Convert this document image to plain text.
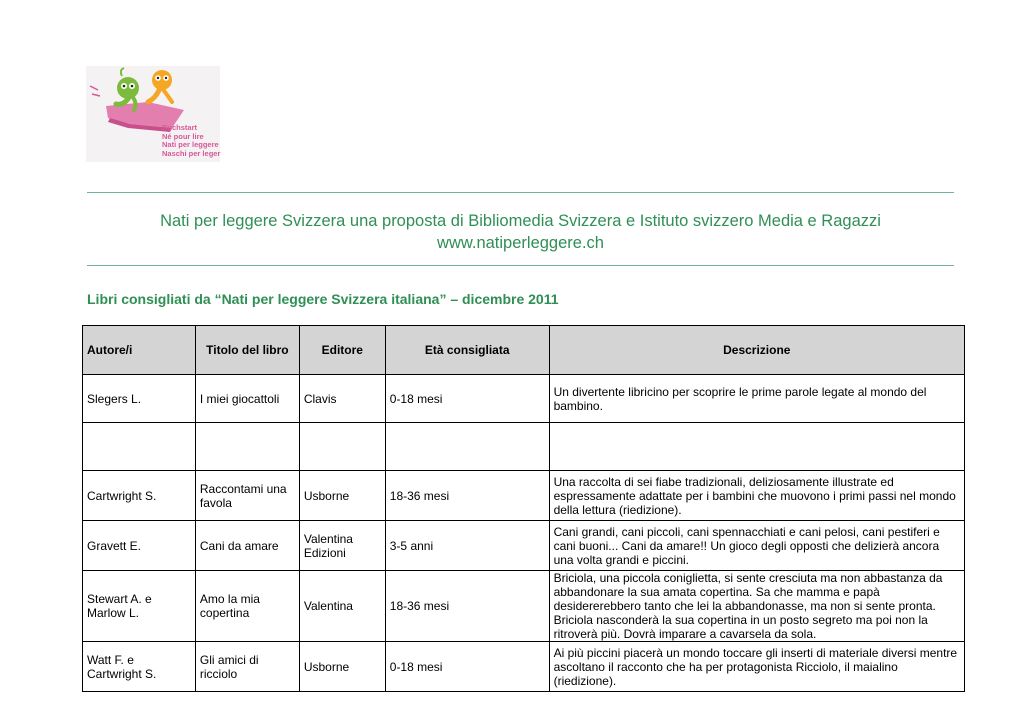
Buchstart
Né pour lire
Nati per leggere
Naschi per leger
Nati per leggere Svizzera una proposta di Bibliomedia Svizzera e Istituto svizzero Media e Ragazzi
www.natiperleggere.ch
Libri consigliati da “Nati per leggere Svizzera italiana” – dicembre 2011
Autore/i	Titolo del libro	Editore	Età consigliata	Descrizione
Slegers L.	I miei giocattoli	Clavis	0-18 mesi	Un divertente libricino per scoprire le prime parole legate al mondo del bambino.

Cartwright S.	Raccontami una favola	Usborne	18-36 mesi	Una raccolta di sei fiabe tradizionali, deliziosamente illustrate ed espressamente adattate per i bambini che muovono i primi passi nel mondo della lettura (riedizione).
Gravett E.	Cani da amare	Valentina Edizioni	3-5 anni	Cani grandi, cani piccoli, cani spennacchiati e cani pelosi, cani pestiferi e cani buoni... Cani da amare!! Un gioco degli opposti che delizierà ancora una volta grandi e piccini.
Stewart A. e Marlow L.	Amo la mia copertina	Valentina	18-36 mesi	Briciola, una piccola coniglietta, si sente cresciuta ma non abbastanza da abbandonare la sua amata copertina. Sa che mamma e papà desidererebbero tanto che lei la abbandonasse, ma non si sente pronta. Briciola nasconderà la sua copertina in un posto segreto ma poi non la ritroverà più. Dovrà imparare a cavarsela da sola.
Watt F. e Cartwright S.	Gli amici di ricciolo	Usborne	0-18 mesi	Ai più piccini piacerà un mondo toccare gli inserti di materiale diversi mentre ascoltano il racconto che ha per protagonista Ricciolo, il maialino (riedizione).
